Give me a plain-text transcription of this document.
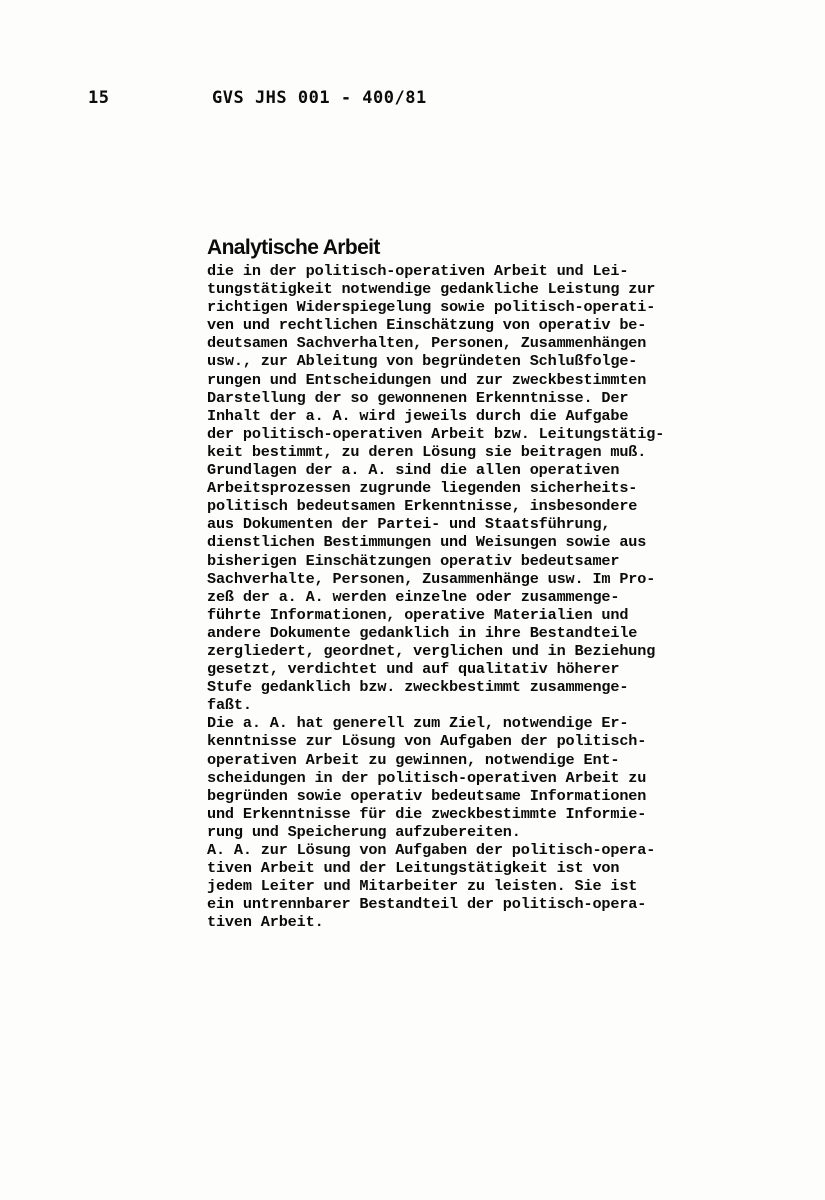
15	GVS JHS 001 - 400/81
Analytische Arbeit
die in der politisch-operativen Arbeit und Lei-
tungstätigkeit notwendige gedankliche Leistung zur
richtigen Widerspiegelung sowie politisch-operati-
ven und rechtlichen Einschätzung von operativ be-
deutsamen Sachverhalten, Personen, Zusammenhängen
usw., zur Ableitung von begründeten Schlußfolge-
rungen und Entscheidungen und zur zweckbestimmten
Darstellung der so gewonnenen Erkenntnisse. Der
Inhalt der a. A. wird jeweils durch die Aufgabe
der politisch-operativen Arbeit bzw. Leitungstätig-
keit bestimmt, zu deren Lösung sie beitragen muß.
Grundlagen der a. A. sind die allen operativen
Arbeitsprozessen zugrunde liegenden sicherheits-
politisch bedeutsamen Erkenntnisse, insbesondere
aus Dokumenten der Partei- und Staatsführung,
dienstlichen Bestimmungen und Weisungen sowie aus
bisherigen Einschätzungen operativ bedeutsamer
Sachverhalte, Personen, Zusammenhänge usw. Im Pro-
zeß der a. A. werden einzelne oder zusammenge-
führte Informationen, operative Materialien und
andere Dokumente gedanklich in ihre Bestandteile
zergliedert, geordnet, verglichen und in Beziehung
gesetzt, verdichtet und auf qualitativ höherer
Stufe gedanklich bzw. zweckbestimmt zusammenge-
faßt.
Die a. A. hat generell zum Ziel, notwendige Er-
kenntnisse zur Lösung von Aufgaben der politisch-
operativen Arbeit zu gewinnen, notwendige Ent-
scheidungen in der politisch-operativen Arbeit zu
begründen sowie operativ bedeutsame Informationen
und Erkenntnisse für die zweckbestimmte Informie-
rung und Speicherung aufzubereiten.
A. A. zur Lösung von Aufgaben der politisch-opera-
tiven Arbeit und der Leitungstätigkeit ist von
jedem Leiter und Mitarbeiter zu leisten. Sie ist
ein untrennbarer Bestandteil der politisch-opera-
tiven Arbeit.
